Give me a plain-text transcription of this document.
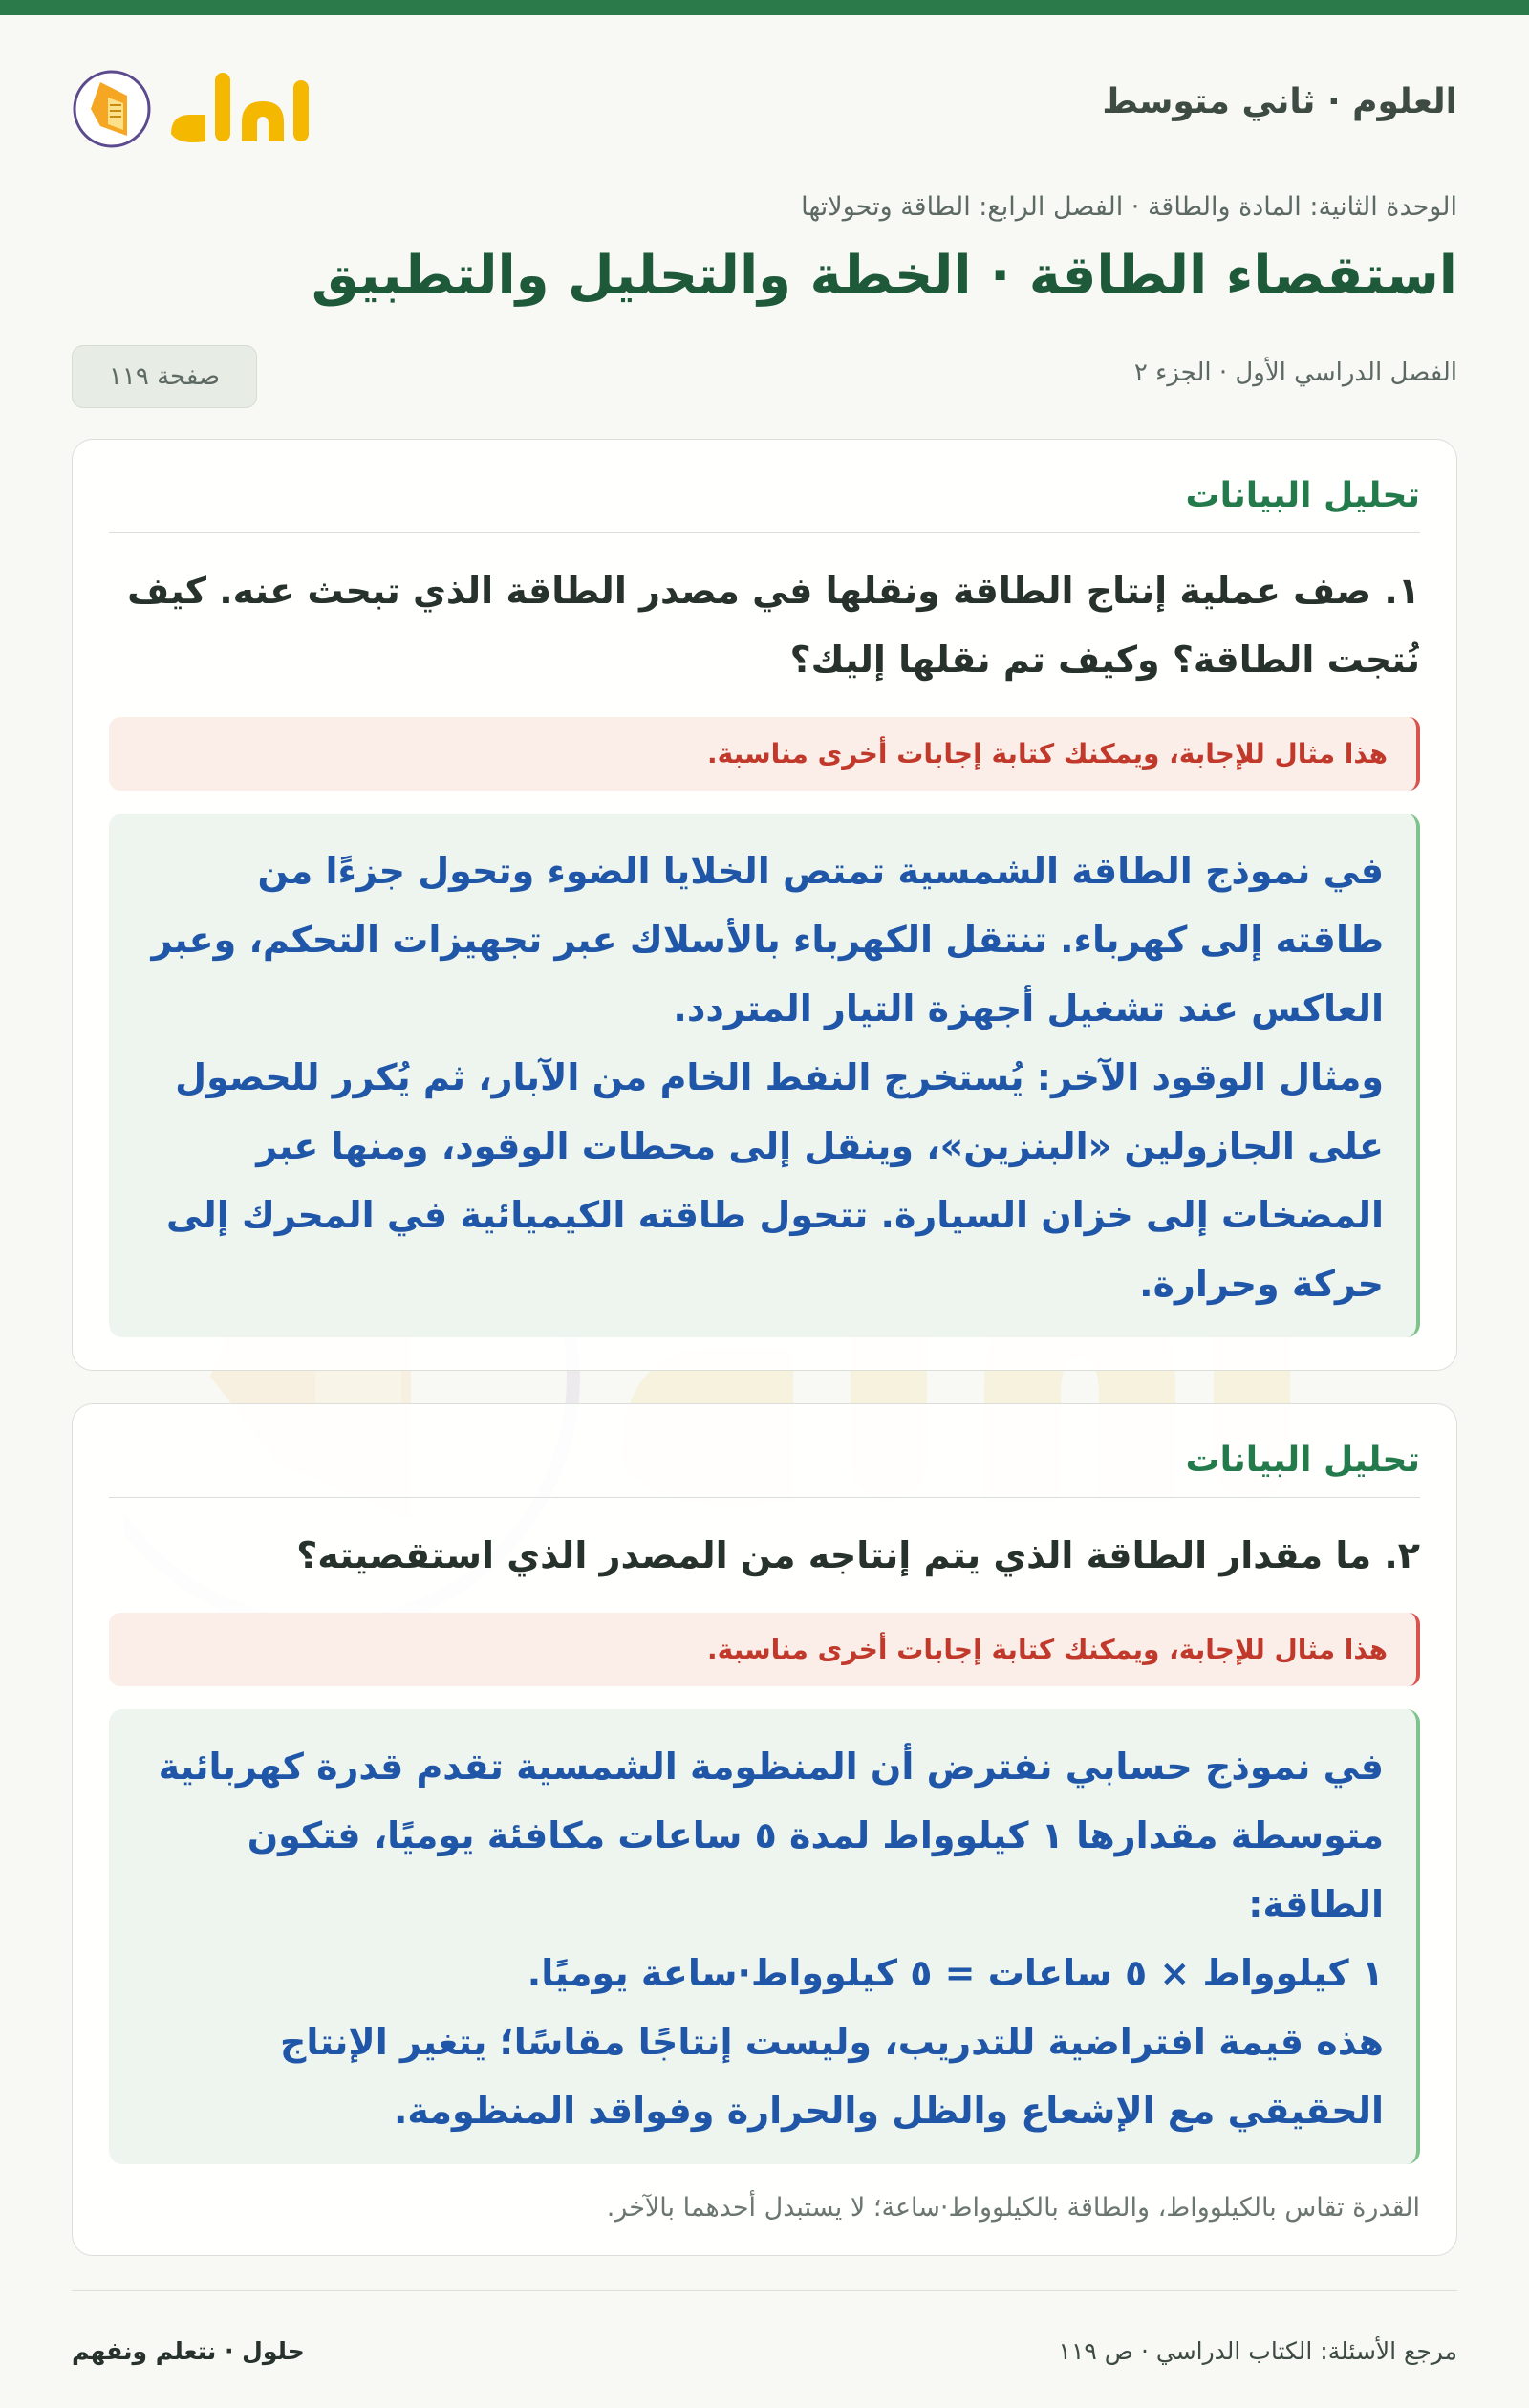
العلوم · ثاني متوسط
الوحدة الثانية: المادة والطاقة · الفصل الرابع: الطاقة وتحولاتها
استقصاء الطاقة · الخطة والتحليل والتطبيق
الفصل الدراسي الأول · الجزء ٢
صفحة ١١٩
تحليل البيانات
١. صف عملية إنتاج الطاقة ونقلها في مصدر الطاقة الذي تبحث عنه. كيف نُتجت الطاقة؟ وكيف تم نقلها إليك؟
هذا مثال للإجابة، ويمكنك كتابة إجابات أخرى مناسبة.

في نموذج الطاقة الشمسية تمتص الخلايا الضوء وتحول جزءًا من طاقته إلى كهرباء. تنتقل الكهرباء بالأسلاك عبر تجهيزات التحكم، وعبر العاكس عند تشغيل أجهزة التيار المتردد.

ومثال الوقود الآخر: يُستخرج النفط الخام من الآبار، ثم يُكرر للحصول على الجازولين «البنزين»، وينقل إلى محطات الوقود، ومنها عبر المضخات إلى خزان السيارة. تتحول طاقته الكيميائية في المحرك إلى حركة وحرارة.

تحليل البيانات
٢. ما مقدار الطاقة الذي يتم إنتاجه من المصدر الذي استقصيته؟
هذا مثال للإجابة، ويمكنك كتابة إجابات أخرى مناسبة.

في نموذج حسابي نفترض أن المنظومة الشمسية تقدم قدرة كهربائية متوسطة مقدارها ١ كيلوواط لمدة ٥ ساعات مكافئة يوميًا، فتكون الطاقة:

١ كيلوواط × ٥ ساعات = ٥ كيلوواط·ساعة يوميًا.

هذه قيمة افتراضية للتدريب، وليست إنتاجًا مقاسًا؛ يتغير الإنتاج الحقيقي مع الإشعاع والظل والحرارة وفواقد المنظومة.

القدرة تقاس بالكيلوواط، والطاقة بالكيلوواط·ساعة؛ لا يستبدل أحدهما بالآخر.
مرجع الأسئلة: الكتاب الدراسي · ص ١١٩
حلول · نتعلم ونفهم
